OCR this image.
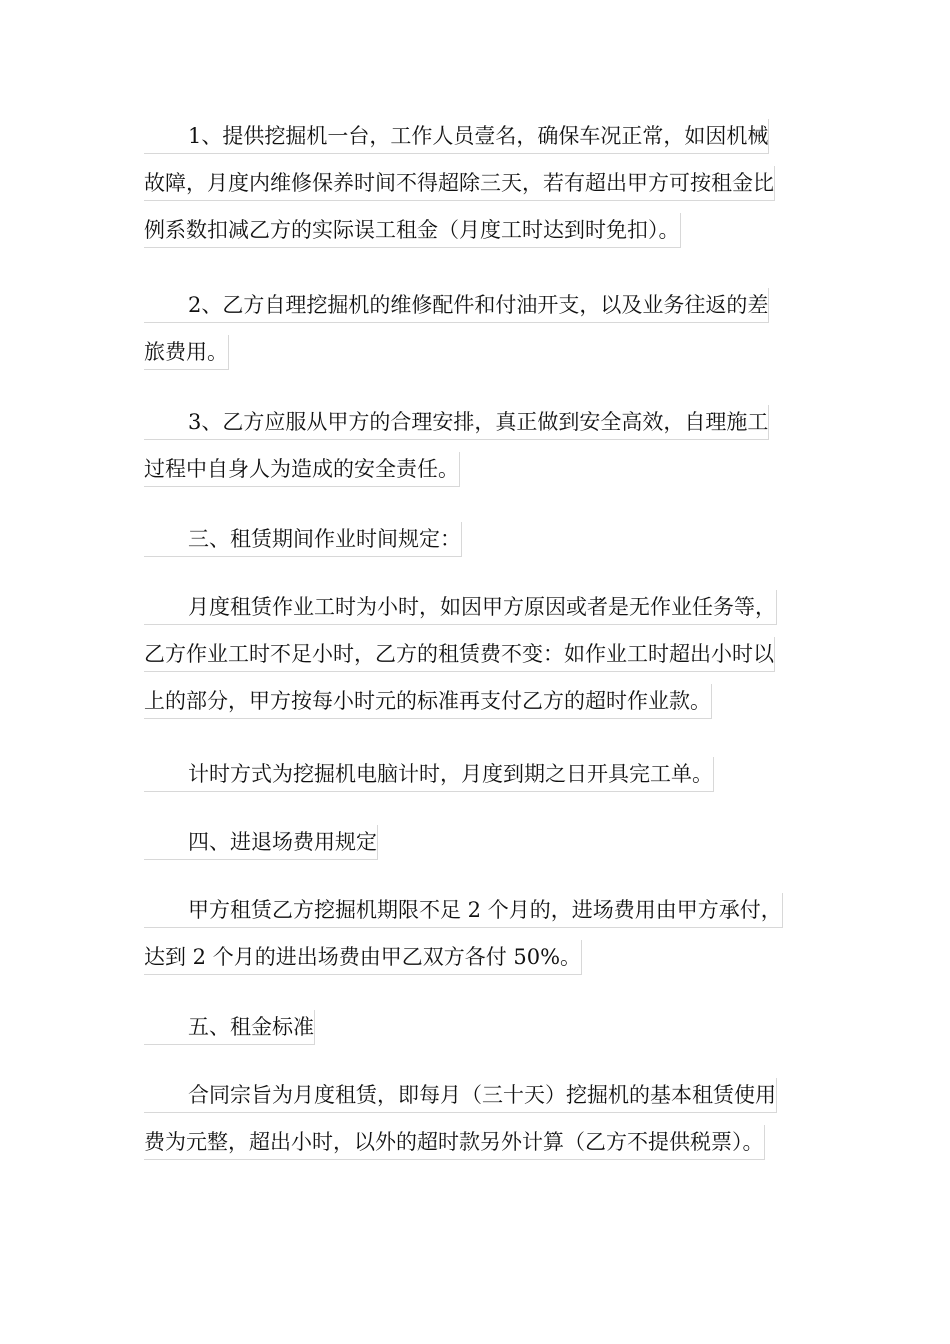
1、提供挖掘机一台，工作人员壹名，确保车况正常，如因机械
故障，月度内维修保养时间不得超除三天，若有超出甲方可按租金比
例系数扣减乙方的实际误工租金（月度工时达到时免扣）。
2、乙方自理挖掘机的维修配件和付油开支，以及业务往返的差
旅费用。
3、乙方应服从甲方的合理安排，真正做到安全高效，自理施工
过程中自身人为造成的安全责任。
三、租赁期间作业时间规定：
月度租赁作业工时为小时，如因甲方原因或者是无作业任务等，
乙方作业工时不足小时，乙方的租赁费不变：如作业工时超出小时以
上的部分，甲方按每小时元的标准再支付乙方的超时作业款。
计时方式为挖掘机电脑计时，月度到期之日开具完工单。
四、进退场费用规定
甲方租赁乙方挖掘机期限不足 2 个月的，进场费用由甲方承付，
达到 2 个月的进出场费由甲乙双方各付 50%。
五、租金标准
合同宗旨为月度租赁，即每月（三十天）挖掘机的基本租赁使用
费为元整，超出小时，以外的超时款另外计算（乙方不提供税票）。
